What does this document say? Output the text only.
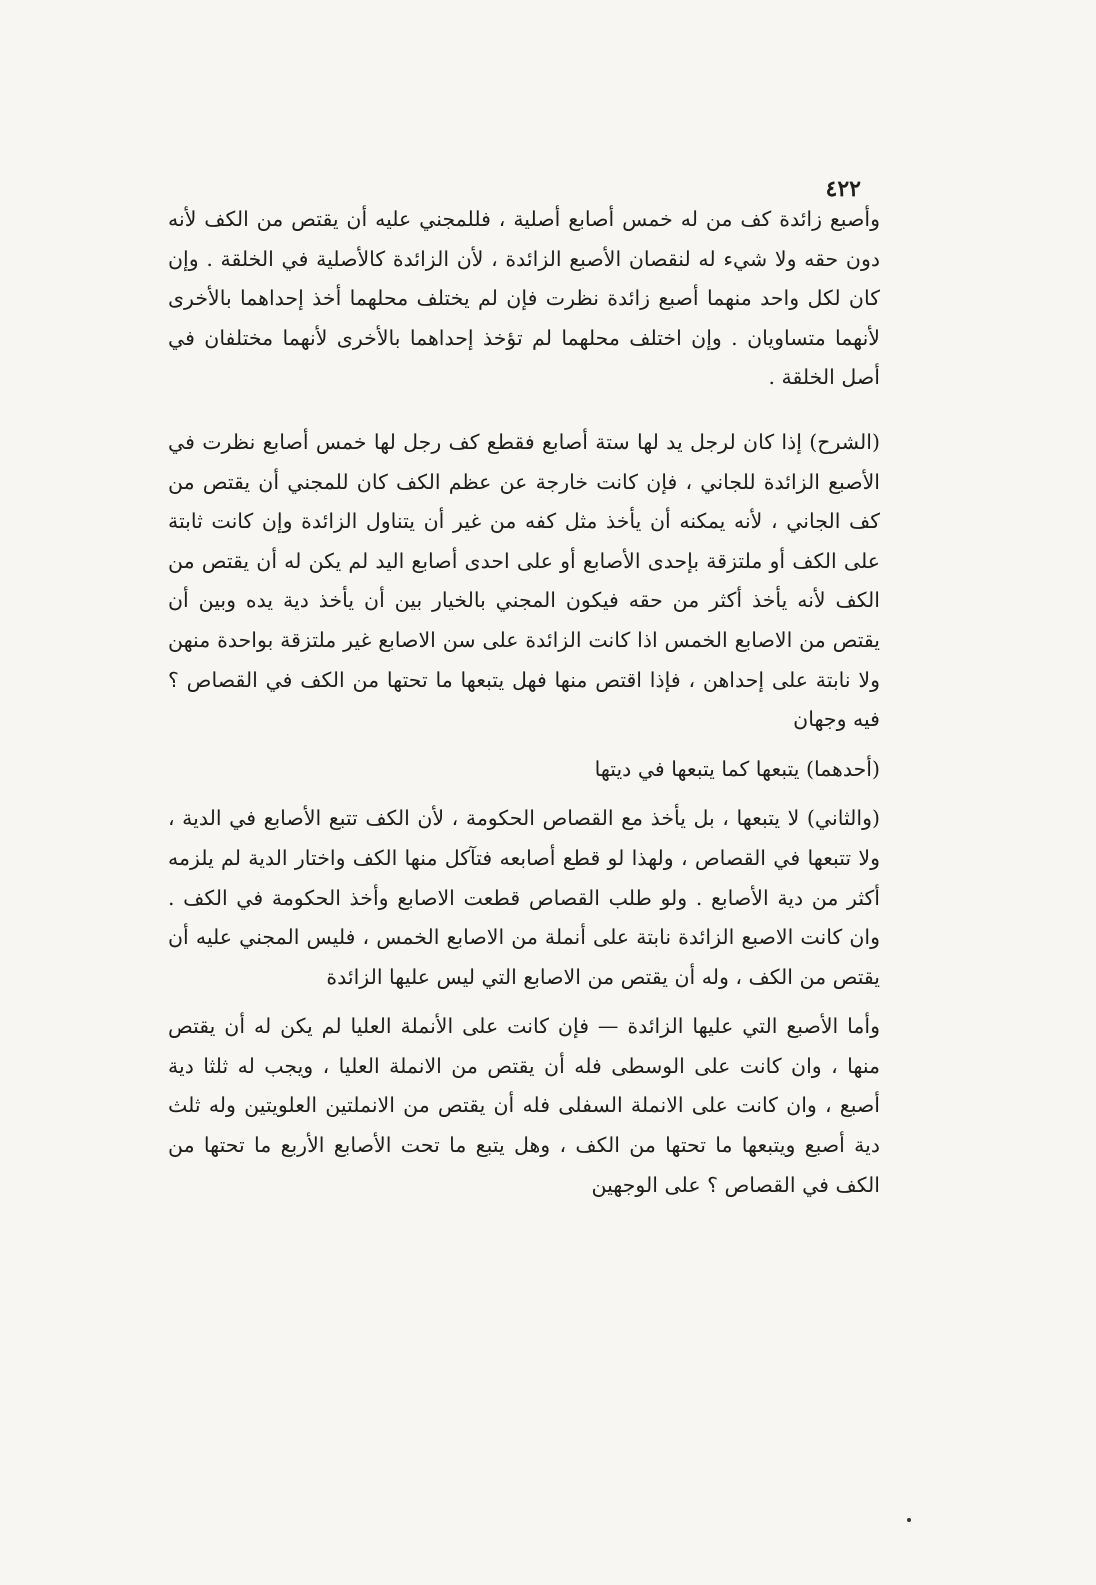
٤٢٢

وأصبع زائدة كف من له خمس أصابع أصلية ، فللمجني عليه أن يقتص من الكف لأنه دون حقه ولا شيء له لنقصان الأصبع الزائدة ، لأن الزائدة كالأصلية في الخلقة . وإن كان لكل واحد منهما أصبع زائدة نظرت فإن لم يختلف محلهما أخذ إحداهما بالأخرى لأنهما متساويان . وإن اختلف محلهما لم تؤخذ إحداهما بالأخرى لأنهما مختلفان في أصل الخلقة .

(الشرح) إذا كان لرجل يد لها ستة أصابع فقطع كف رجل لها خمس أصابع نظرت في الأصبع الزائدة للجاني ، فإن كانت خارجة عن عظم الكف كان للمجني أن يقتص من كف الجاني ، لأنه يمكنه أن يأخذ مثل كفه من غير أن يتناول الزائدة وإن كانت ثابتة على الكف أو ملتزقة بإحدى الأصابع أو على احدى أصابع اليد لم يكن له أن يقتص من الكف لأنه يأخذ أكثر من حقه فيكون المجني بالخيار بين أن يأخذ دية يده وبين أن يقتص من الاصابع الخمس اذا كانت الزائدة على سن الاصابع غير ملتزقة بواحدة منهن ولا نابتة على إحداهن ، فإذا اقتص منها فهل يتبعها ما تحتها من الكف في القصاص ؟ فيه وجهان

(أحدهما) يتبعها كما يتبعها في ديتها

(والثاني) لا يتبعها ، بل يأخذ مع القصاص الحكومة ، لأن الكف تتبع الأصابع في الدية ، ولا تتبعها في القصاص ، ولهذا لو قطع أصابعه فتآكل منها الكف واختار الدية لم يلزمه أكثر من دية الأصابع . ولو طلب القصاص قطعت الاصابع وأخذ الحكومة في الكف . وان كانت الاصبع الزائدة نابتة على أنملة من الاصابع الخمس ، فليس المجني عليه أن يقتص من الكف ، وله أن يقتص من الاصابع التي ليس عليها الزائدة

وأما الأصبع التي عليها الزائدة — فإن كانت على الأنملة العليا لم يكن له أن يقتص منها ، وان كانت على الوسطى فله أن يقتص من الانملة العليا ، ويجب له ثلثا دية أصبع ، وان كانت على الانملة السفلى فله أن يقتص من الانملتين العلويتين وله ثلث دية أصبع ويتبعها ما تحتها من الكف ، وهل يتبع ما تحت الأصابع الأربع ما تحتها من الكف في القصاص ؟ على الوجهين
